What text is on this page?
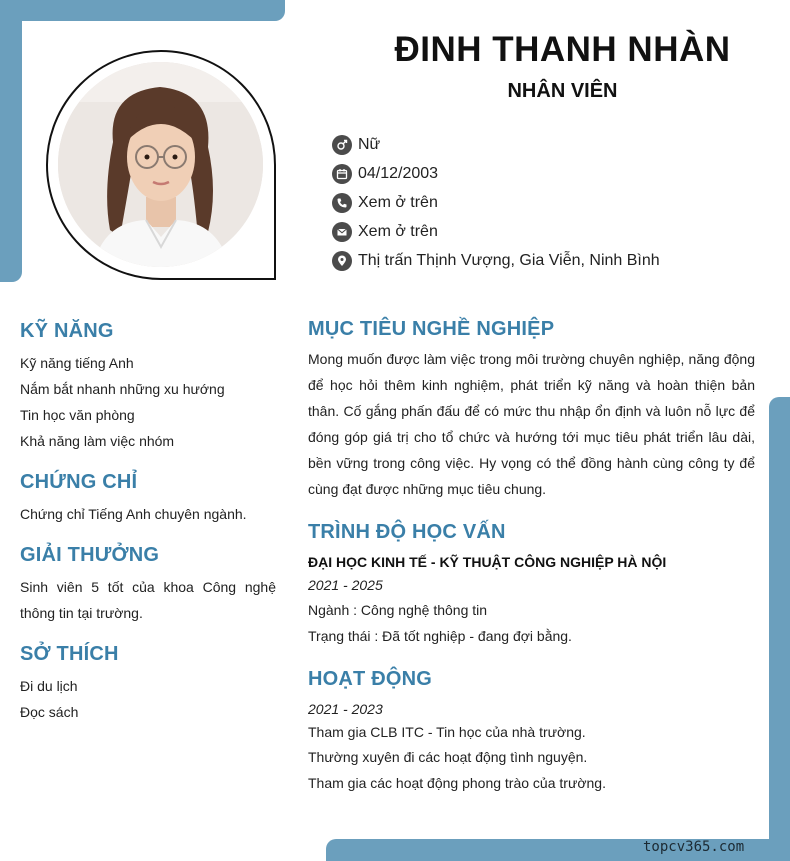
ĐINH THANH NHÀN
NHÂN VIÊN
Nữ
04/12/2003
Xem ở trên
Xem ở trên
Thị trấn Thịnh Vượng, Gia Viễn, Ninh Bình
KỸ NĂNG

Kỹ năng tiếng Anh

Nắm bắt nhanh những xu hướng

Tin học văn phòng

Khả năng làm việc nhóm

CHỨNG CHỈ

Chứng chỉ Tiếng Anh chuyên ngành.

GIẢI THƯỞNG

Sinh viên 5 tốt của khoa Công nghệ thông tin tại trường.

SỞ THÍCH

Đi du lịch

Đọc sách

MỤC TIÊU NGHỀ NGHIỆP

Mong muốn được làm việc trong môi trường chuyên nghiệp, năng động để học hỏi thêm kinh nghiệm, phát triển kỹ năng và hoàn thiện bản thân. Cố gắng phấn đấu để có mức thu nhập ổn định và luôn nỗ lực để đóng góp giá trị cho tổ chức và hướng tới mục tiêu phát triển lâu dài, bền vững trong công việc. Hy vọng có thể đồng hành cùng công ty để cùng đạt được những mục tiêu chung.

TRÌNH ĐỘ HỌC VẤN

ĐẠI HỌC KINH TẾ - KỸ THUẬT CÔNG NGHIỆP HÀ NỘI

2021 - 2025

Ngành : Công nghệ thông tin

Trạng thái : Đã tốt nghiệp - đang đợi bằng.

HOẠT ĐỘNG

2021 - 2023

Tham gia CLB ITC - Tin học của nhà trường.

Thường xuyên đi các hoạt động tình nguyện.

Tham gia các hoạt động phong trào của trường.

topcv365.com
